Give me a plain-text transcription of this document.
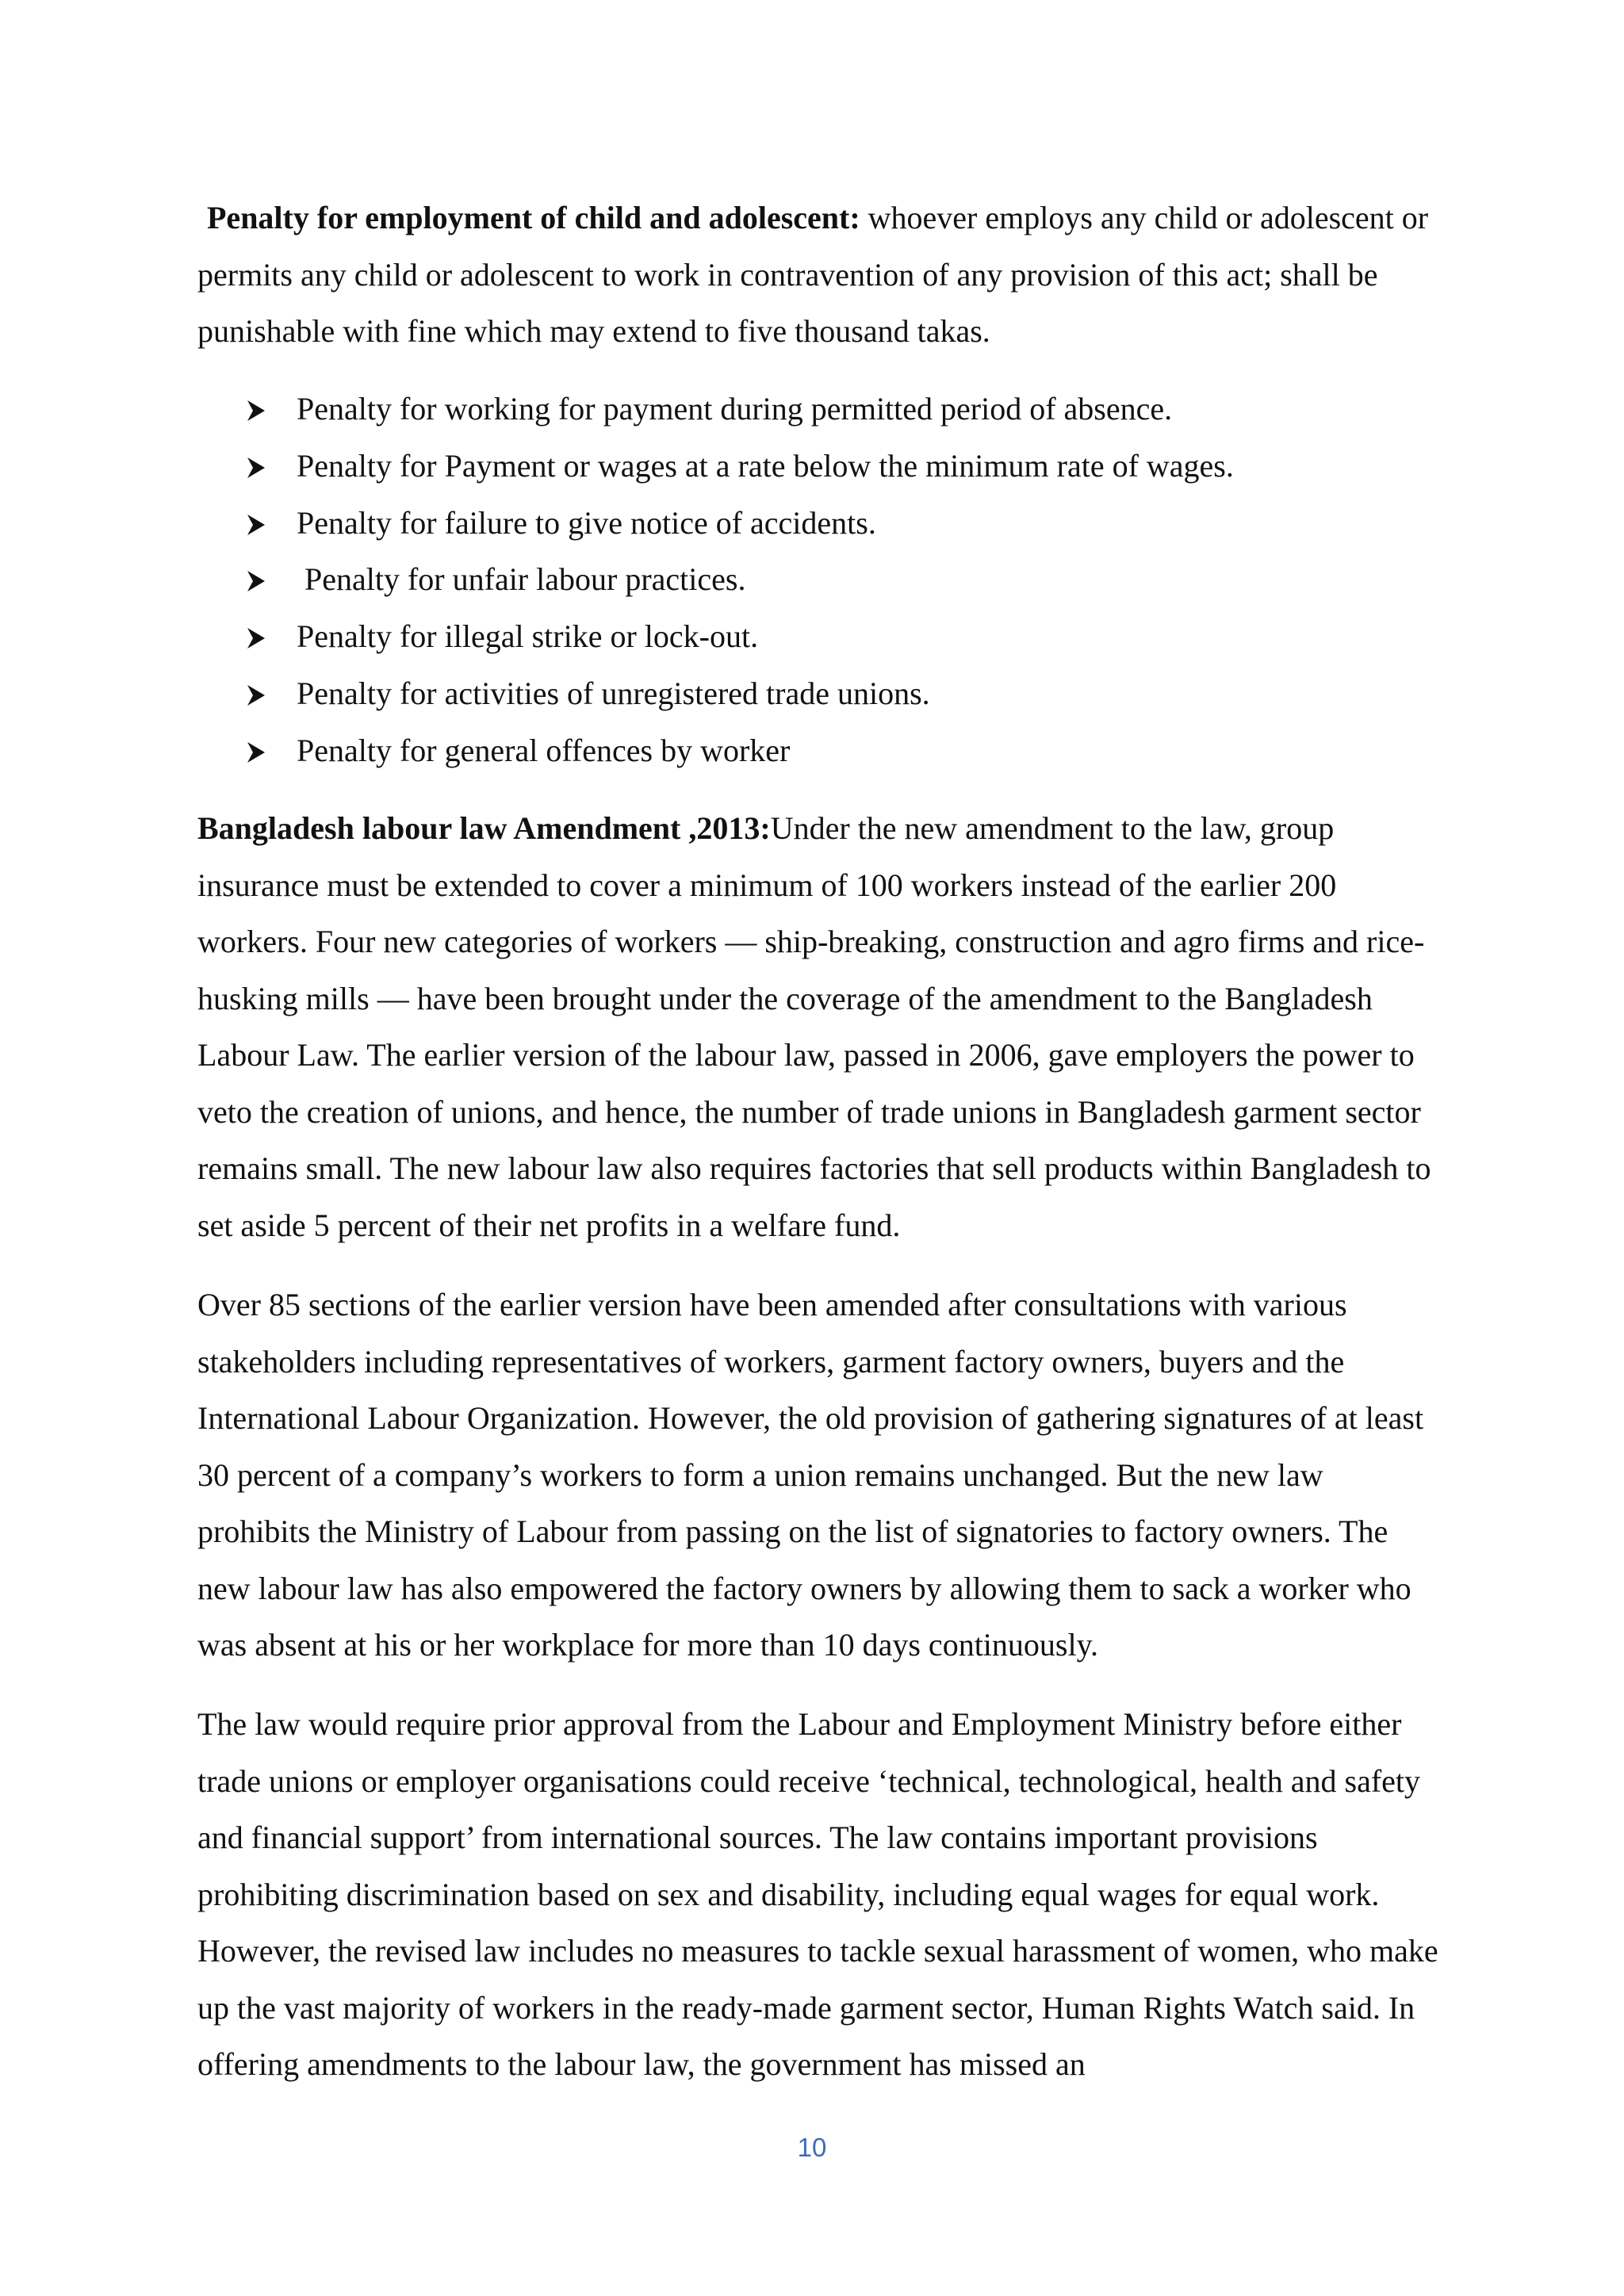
Penalty for employment of child and adolescent: whoever employs any child or adolescent or permits any child or adolescent to work in contravention of any provision of this act; shall be punishable with fine which may extend to five thousand takas.

Penalty for working for payment during permitted period of absence.
Penalty for Payment or wages at a rate below the minimum rate of wages.
Penalty for failure to give notice of accidents.
Penalty for unfair labour practices.
Penalty for illegal strike or lock-out.
Penalty for activities of unregistered trade unions.
Penalty for general offences by worker

Bangladesh labour law Amendment ,2013:Under the new amendment to the law, group insurance must be extended to cover a minimum of 100 workers instead of the earlier 200 workers. Four new categories of workers — ship-breaking, construction and agro firms and rice-husking mills — have been brought under the coverage of the amendment to the Bangladesh Labour Law. The earlier version of the labour law, passed in 2006, gave employers the power to veto the creation of unions, and hence, the number of trade unions in Bangladesh garment sector remains small. The new labour law also requires factories that sell products within Bangladesh to set aside 5 percent of their net profits in a welfare fund.

Over 85 sections of the earlier version have been amended after consultations with various stakeholders including representatives of workers, garment factory owners, buyers and the International Labour Organization. However, the old provision of gathering signatures of at least 30 percent of a company’s workers to form a union remains unchanged. But the new law prohibits the Ministry of Labour from passing on the list of signatories to factory owners. The new labour law has also empowered the factory owners by allowing them to sack a worker who was absent at his or her workplace for more than 10 days continuously.

The law would require prior approval from the Labour and Employment Ministry before either trade unions or employer organisations could receive ‘technical, technological, health and safety and financial support’ from international sources. The law contains important provisions prohibiting discrimination based on sex and disability, including equal wages for equal work. However, the revised law includes no measures to tackle sexual harassment of women, who make up the vast majority of workers in the ready-made garment sector, Human Rights Watch said. In offering amendments to the labour law, the government has missed an

10
